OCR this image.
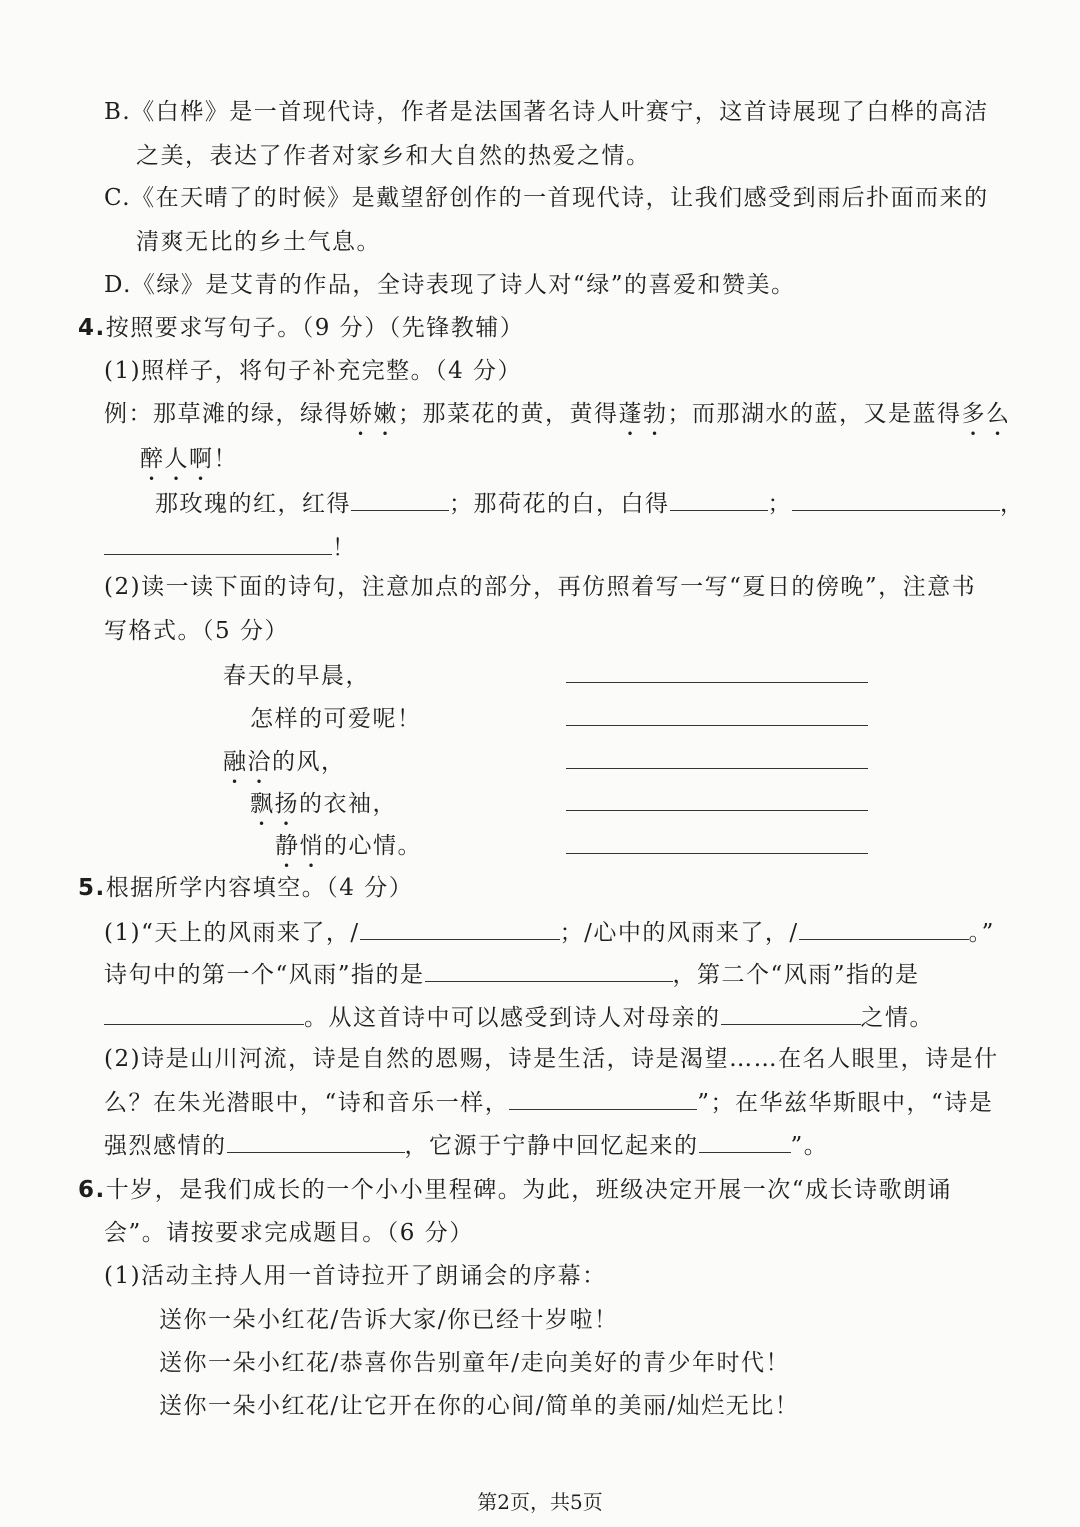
B.《白桦》是一首现代诗，作者是法国著名诗人叶赛宁，这首诗展现了白桦的高洁
之美，表达了作者对家乡和大自然的热爱之情。
C.《在天晴了的时候》是戴望舒创作的一首现代诗，让我们感受到雨后扑面而来的
清爽无比的乡土气息。
D.《绿》是艾青的作品，全诗表现了诗人对“绿”的喜爱和赞美。
4.按照要求写句子。（9 分）（先锋教辅）
(1)照样子，将句子补充完整。（4 分）
例：那草滩的绿，绿得娇嫩；那菜花的黄，黄得蓬勃；而那湖水的蓝，又是蓝得多么
醉人啊！
那玫瑰的红，红得	；那荷花的白，白得	；	，
！
(2)读一读下面的诗句，注意加点的部分，再仿照着写一写“夏日的傍晚”，注意书
写格式。（5 分）
春天的早晨，
怎样的可爱呢！
融洽的风，
飘扬的衣袖，
静悄的心情。
5.根据所学内容填空。（4 分）
(1)“天上的风雨来了，/	；/心中的风雨来了，/	。”
诗句中的第一个“风雨”指的是	，第二个“风雨”指的是
。从这首诗中可以感受到诗人对母亲的	之情。
(2)诗是山川河流，诗是自然的恩赐，诗是生活，诗是渴望……在名人眼里，诗是什
么？在朱光潜眼中，“诗和音乐一样，	”；在华兹华斯眼中，“诗是
强烈感情的	，它源于宁静中回忆起来的	”。
6.十岁，是我们成长的一个小小里程碑。为此，班级决定开展一次“成长诗歌朗诵
会”。请按要求完成题目。（6 分）
(1)活动主持人用一首诗拉开了朗诵会的序幕：
送你一朵小红花/告诉大家/你已经十岁啦！
送你一朵小红花/恭喜你告别童年/走向美好的青少年时代！
送你一朵小红花/让它开在你的心间/简单的美丽/灿烂无比！
第2页，共5页
